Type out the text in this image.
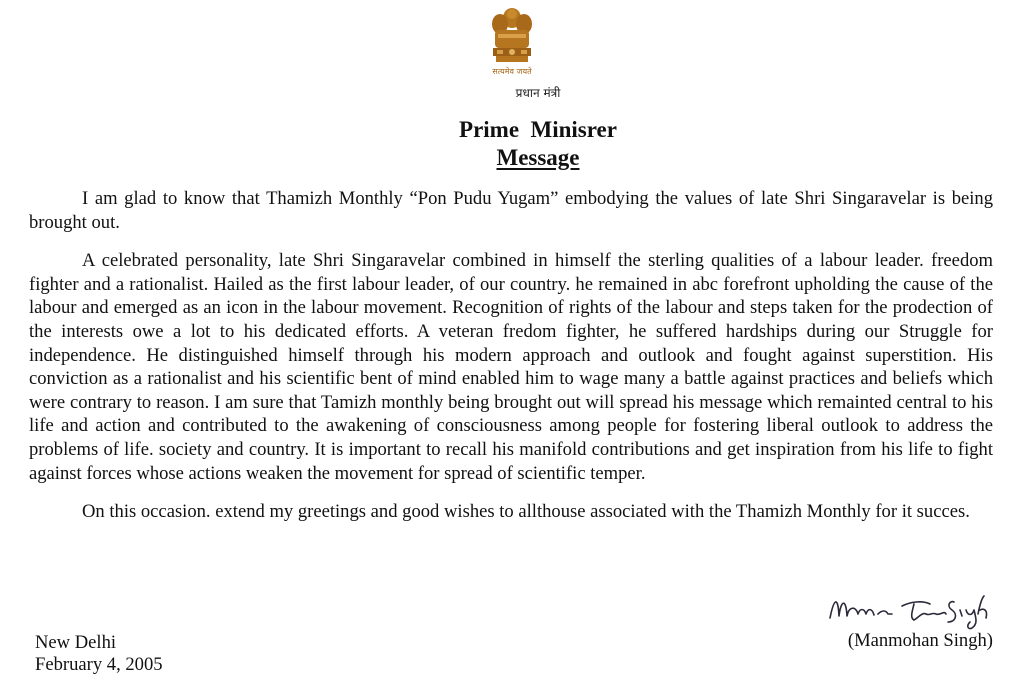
सत्यमेव जयते
प्रधान मंत्री
Prime  Minisrer
Message

I am glad to know that Thamizh Monthly “Pon Pudu Yugam” embodying the values of late Shri Singaravelar is being brought out.

A celebrated personality, late Shri Singaravelar combined in himself the sterling qualities of a labour leader. freedom fighter and a rationalist. Hailed as the first labour leader, of our country. he remained in abc forefront upholding the cause of the labour and emerged as an icon in the labour movement. Recognition of rights of the labour and steps taken for the prodection of the interests owe a lot to his dedicated efforts. A veteran fredom fighter, he suffered hardships during our Struggle for independence. He distinguished himself through his modern approach and outlook and fought against superstition. His conviction as a rationalist and his scientific bent of mind enabled him to wage many a battle against practices and beliefs which were contrary to reason. I am sure that Tamizh monthly being brought out will spread his message which remainted central to his life and action and contributed to the awakening of consciousness among people for fostering liberal outlook to address the problems of life. society and country. It is important to recall his manifold contributions and get inspiration from his life to fight against forces whose actions weaken the movement for spread of scientific temper.

On this occasion. extend my greetings and good wishes to allthouse associated with the Thamizh Monthly for it succes.

(Manmohan Singh)
New Delhi
February 4, 2005
